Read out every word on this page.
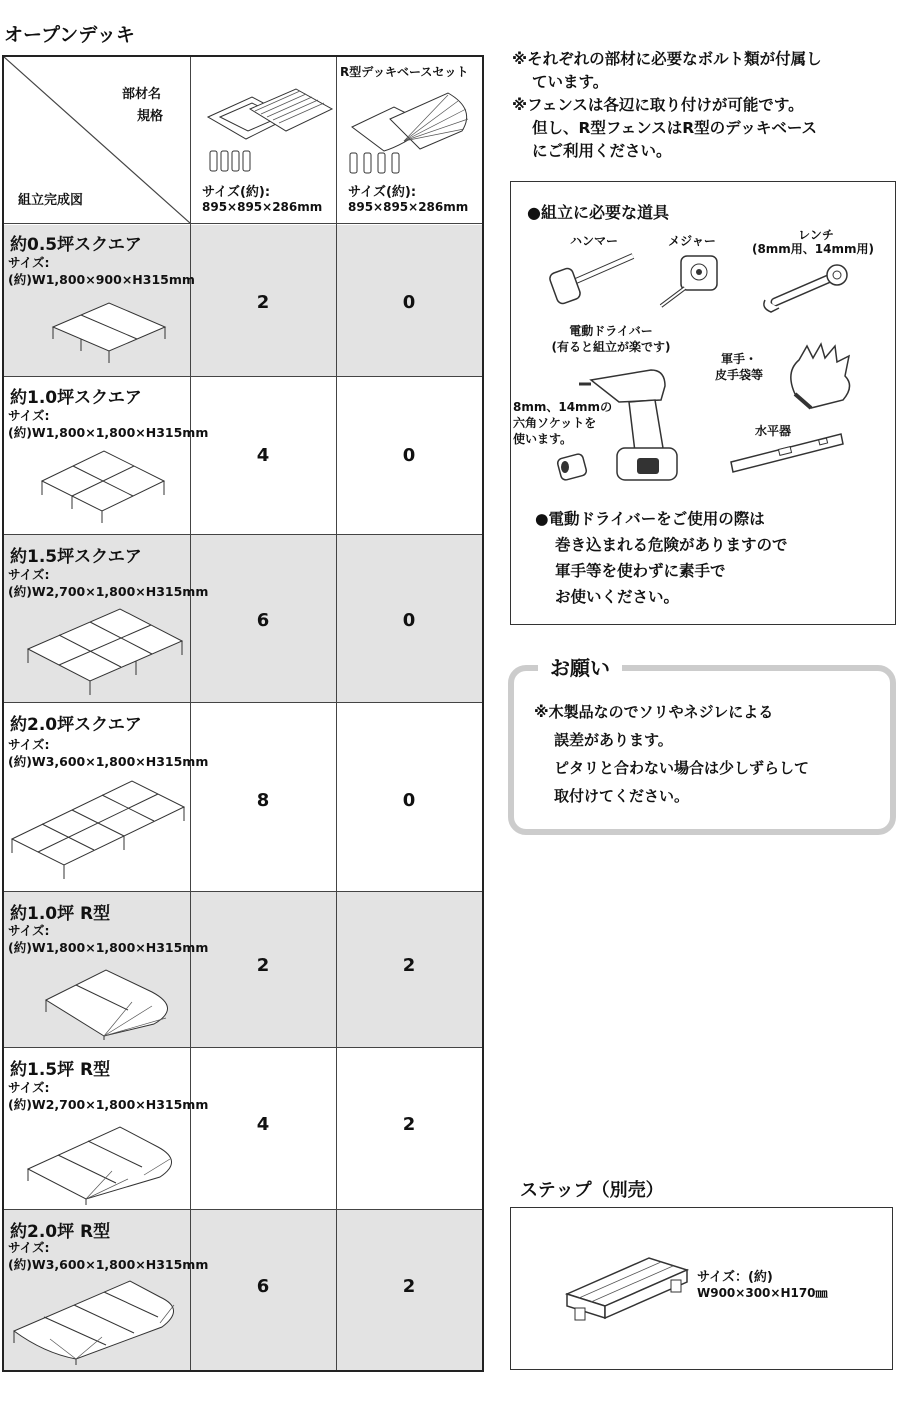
オープンデッキ
部材名
規格
組立完成図
サイズ(約):
895×895×286mm
R型デッキベースセット
サイズ(約):
895×895×286mm
約0.5坪スクエア
サイズ:
(約)W1,800×900×H315mm
2	0
約1.0坪スクエア
サイズ:
(約)W1,800×1,800×H315mm
4	0
約1.5坪スクエア
サイズ:
(約)W2,700×1,800×H315mm
6	0
約2.0坪スクエア
サイズ:
(約)W3,600×1,800×H315mm
8	0
約1.0坪 R型
サイズ:
(約)W1,800×1,800×H315mm
2	2
約1.5坪 R型
サイズ:
(約)W2,700×1,800×H315mm
4	2
約2.0坪 R型
サイズ:
(約)W3,600×1,800×H315mm
6	2
※それぞれの部材に必要なボルト類が付属し
ています。
※フェンスは各辺に取り付けが可能です。
但し、R型フェンスはR型のデッキベース
にご利用ください。
●組立に必要な道具
ハンマー	メジャー	レンチ
(8mm用、14mm用)
電動ドライバー
(有ると組立が楽です)
軍手・
皮手袋等
8mm、14mmの
六角ソケットを
使います。
水平器
●電動ドライバーをご使用の際は
巻き込まれる危険がありますので
軍手等を使わずに素手で
お使いください。
お願い
※木製品なのでソリやネジレによる
誤差があります。
ピタリと合わない場合は少しずらして
取付けてください。
ステップ（別売）
サイズ：(約)
W900×300×H170㎜
